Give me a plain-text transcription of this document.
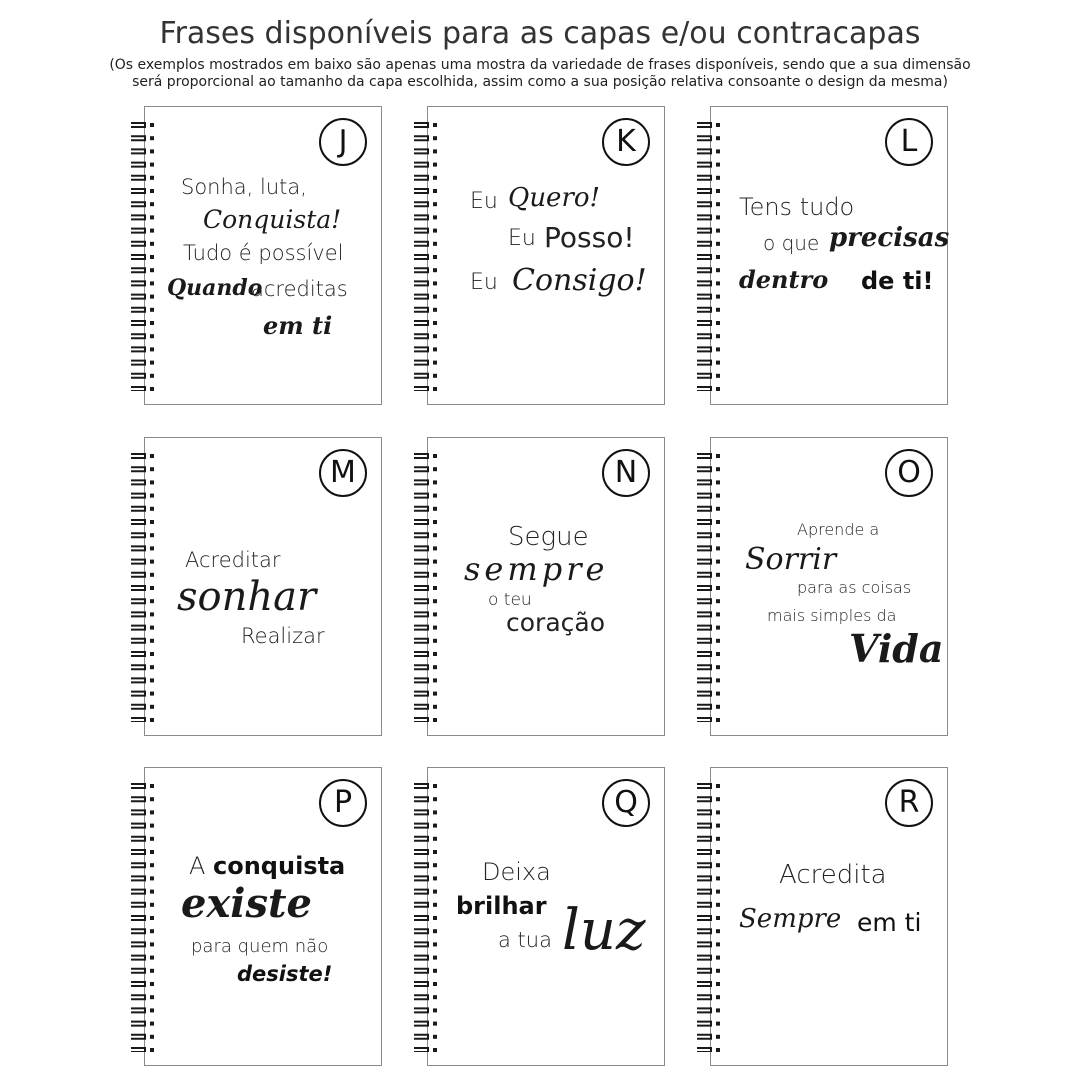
Frases disponíveis para as capas e/ou contracapas
(Os exemplos mostrados em baixo são apenas uma mostra da variedade de frases disponíveis, sendo que a sua dimensão
será proporcional ao tamanho da capa escolhida, assim como a sua posição relativa consoante o design da mesma)
J
Sonha, luta,
Conquista!
Tudo é possível
Quando
acreditas
em ti
K
Eu Quero!
Eu Posso!
Eu Consigo!
L
Tens tudo
o que precisas
dentro de ti!
M
Acreditar
sonhar
Realizar
N
Segue
sempre
o teu
coração
O
Aprende a
Sorrir
para as coisas
mais simples da
Vida
P
A conquista
existe
para quem não
desiste!
Q
Deixa
brilhar
a tua luz
R
Acredita
Sempre em ti
